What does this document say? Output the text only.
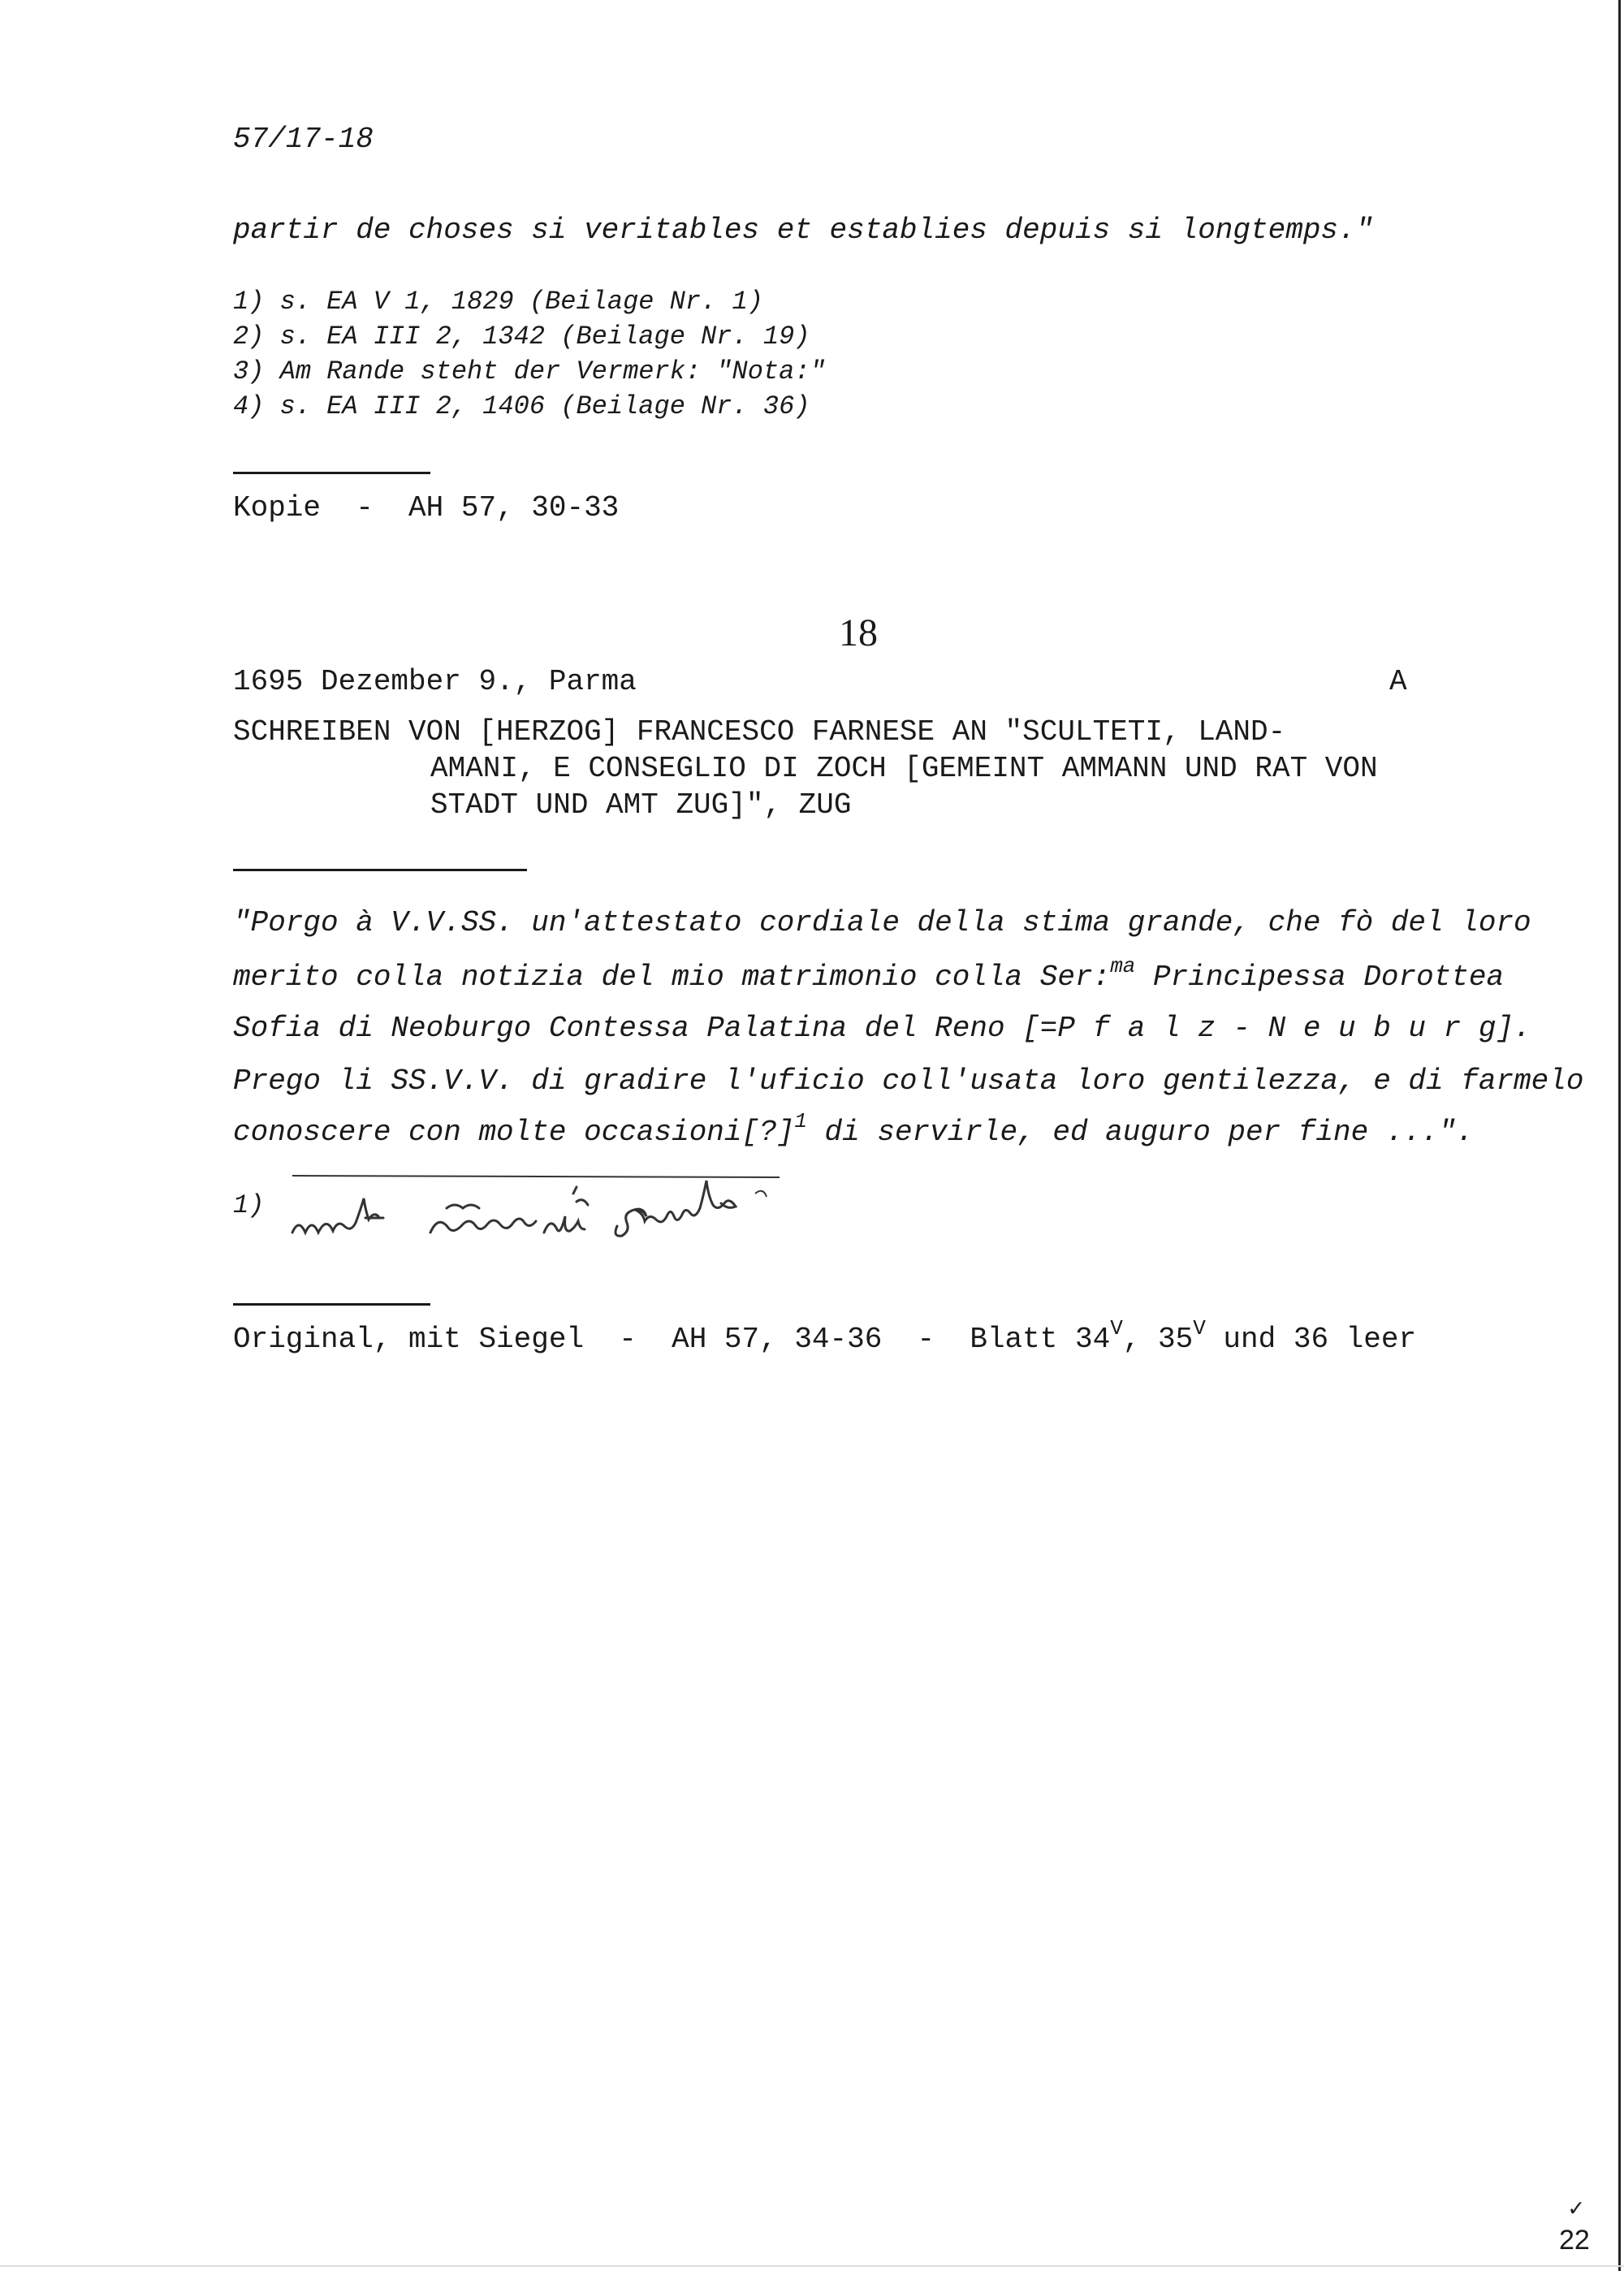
57/17-18
partir de choses si veritables et establies depuis si longtemps."
1) s. EA V 1, 1829 (Beilage Nr. 1)
2) s. EA III 2, 1342 (Beilage Nr. 19)
3) Am Rande steht der Vermerk: "Nota:"
4) s. EA III 2, 1406 (Beilage Nr. 36)
Kopie  -  AH 57, 30-33
18
1695 Dezember 9., Parma	A
SCHREIBEN VON [HERZOG] FRANCESCO FARNESE AN "SCULTETI, LAND-
AMANI, E CONSEGLIO DI ZOCH [GEMEINT AMMANN UND RAT VON
STADT UND AMT ZUG]", ZUG
"Porgo à V.V.SS. un'attestato cordiale della stima grande, che fò del loro
merito colla notizia del mio matrimonio colla Ser:$^{ma}$ Principessa Dorottea
Sofia di Neoburgo Contessa Palatina del Reno [=P f a l z - N e u b u r g].
Prego li SS.V.V. di gradire l'uficio coll'usata loro gentilezza, e di farmelo
conoscere con molte occasioni[?]$^1$ di servirle, ed auguro per fine ...".
1)
Original, mit Siegel  -  AH 57, 34-36  -  Blatt $34^V$, $35^V$ und 36 leer
✓
22
